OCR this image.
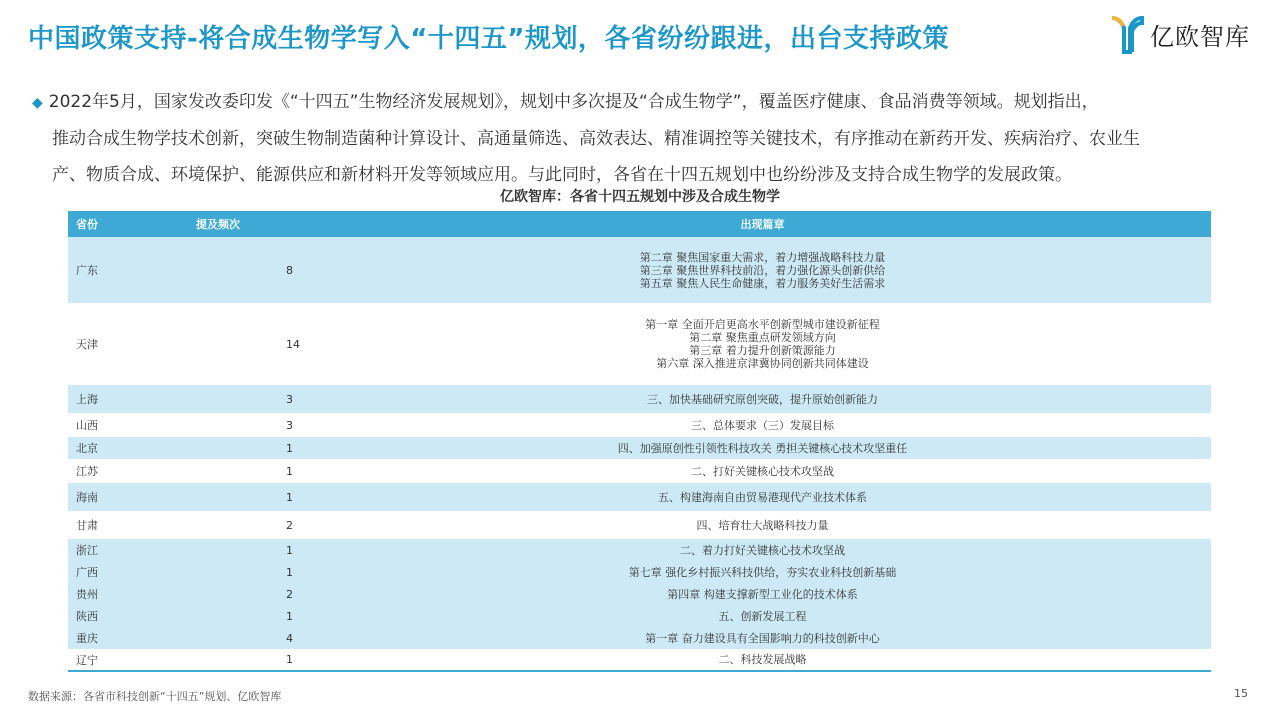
中国政策支持-将合成生物学写入“十四五”规划，各省纷纷跟进，出台支持政策	亿欧智库
◆ 2022年5月，国家发改委印发《“十四五”生物经济发展规划》，规划中多次提及“合成生物学”，覆盖医疗健康、食品消费等领域。规划指出，
推动合成生物学技术创新，突破生物制造菌种计算设计、高通量筛选、高效表达、精准调控等关键技术，有序推动在新药开发、疾病治疗、农业生
产、物质合成、环境保护、能源供应和新材料开发等领域应用。与此同时，各省在十四五规划中也纷纷涉及支持合成生物学的发展政策。
亿欧智库：各省十四五规划中涉及合成生物学
省份	提及频次	出现篇章
广东	8	第二章 聚焦国家重大需求，着力增强战略科技力量
第三章 聚焦世界科技前沿，着力强化源头创新供给
第五章 聚焦人民生命健康，着力服务美好生活需求

天津	14	第一章 全面开启更高水平创新型城市建设新征程
第二章 聚焦重点研发领域方向
第三章 着力提升创新策源能力
第六章 深入推进京津冀协同创新共同体建设

上海	3	三、加快基础研究原创突破，提升原始创新能力

山西	3	三、总体要求（三）发展目标

北京	1	四、加强原创性引领性科技攻关 勇担关键核心技术攻坚重任

江苏	1	二、打好关键核心技术攻坚战

海南	1	五、构建海南自由贸易港现代产业技术体系

甘肃	2	四、培育壮大战略科技力量

浙江	1	二、着力打好关键核心技术攻坚战

广西	1	第七章 强化乡村振兴科技供给，夯实农业科技创新基础

贵州	2	第四章 构建支撑新型工业化的技术体系

陕西	1	五、创新发展工程

重庆	4	第一章 奋力建设具有全国影响力的科技创新中心

辽宁	1	二、科技发展战略
数据来源：各省市科技创新“十四五”规划、亿欧智库	15
